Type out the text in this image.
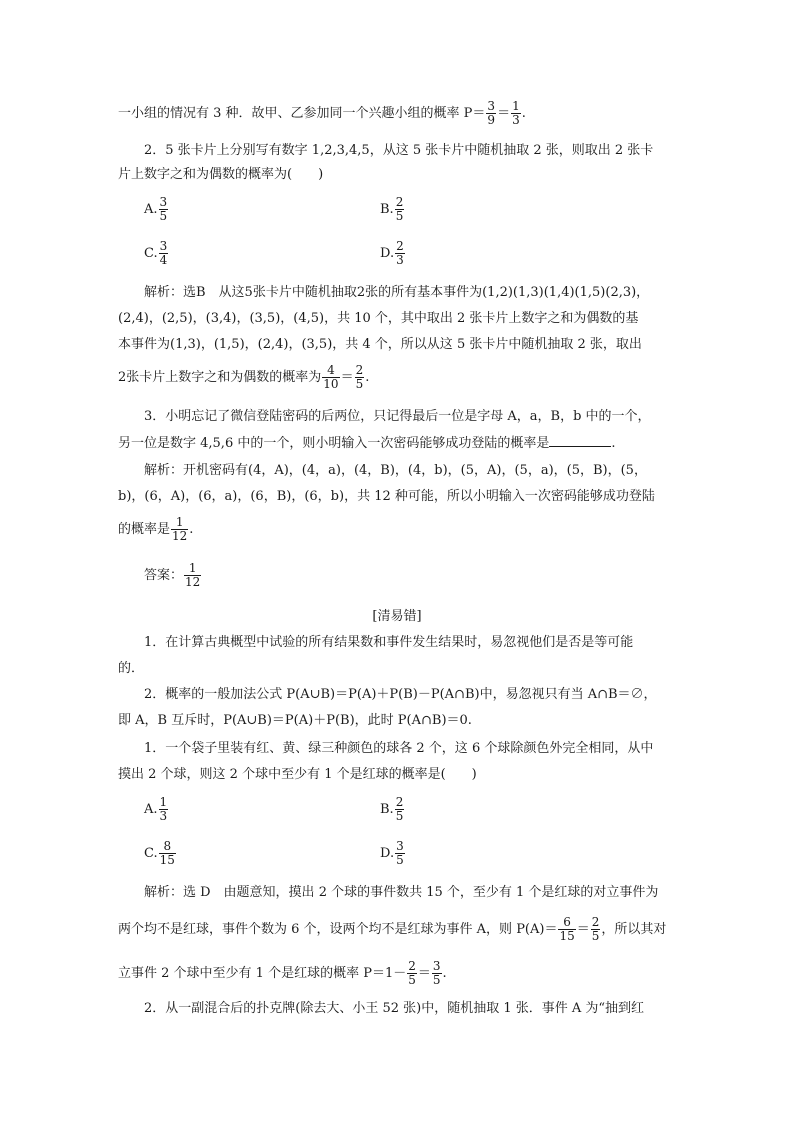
一小组的情况有 3 种．故甲、乙参加同一个兴趣小组的概率 $P= \frac{3}{9} = \frac{1}{3}$ .
2．5 张卡片上分别写有数字 1,2,3,4,5，从这 5 张卡片中随机抽取 2 张，则取出 2 张卡
片上数字之和为偶数的概率为(　　)
A. $\frac{3}{5}$	B. $\frac{2}{5}$
C. $\frac{3}{4}$	D. $\frac{2}{3}$
解析：选B　从这5张卡片中随机抽取2张的所有基本事件为(1,2)(1,3)(1,4)(1,5)(2,3)，
(2,4)，(2,5)，(3,4)，(3,5)，(4,5)，共 10 个，其中取出 2 张卡片上数字之和为偶数的基
本事件为(1,3)，(1,5)，(2,4)，(3,5)，共 4 个，所以从这 5 张卡片中随机抽取 2 张，取出
2张卡片上数字之和为偶数的概率为 $\frac{4}{10} = \frac{2}{5}$ .
3．小明忘记了微信登陆密码的后两位，只记得最后一位是字母 A，a，B，b 中的一个，
另一位是数字 4,5,6 中的一个，则小明输入一次密码能够成功登陆的概率是	.
解析：开机密码有(4，A)，(4，a)，(4，B)，(4，b)，(5，A)，(5，a)，(5，B)，(5，
b)，(6，A)，(6，a)，(6，B)，(6，b)，共 12 种可能，所以小明输入一次密码能够成功登陆
的概率是 $\frac{1}{12}$ .
答案： $\frac{1}{12}$
[清易错]
1．在计算古典概型中试验的所有结果数和事件发生结果时，易忽视他们是否是等可能
的．
2．概率的一般加法公式 P(A∪B)＝P(A)＋P(B)－P(A∩B)中，易忽视只有当 A∩B＝∅，
即 A，B 互斥时，P(A∪B)＝P(A)＋P(B)，此时 P(A∩B)＝0.
1．一个袋子里装有红、黄、绿三种颜色的球各 2 个，这 6 个球除颜色外完全相同，从中
摸出 2 个球，则这 2 个球中至少有 1 个是红球的概率是(　　)
A. $\frac{1}{3}$	B. $\frac{2}{5}$
C. $\frac{8}{15}$	D. $\frac{3}{5}$
解析：选 D　由题意知，摸出 2 个球的事件数共 15 个，至少有 1 个是红球的对立事件为
两个均不是红球，事件个数为 6 个，设两个均不是红球为事件 A，则 $P(A)= \frac{6}{15} = \frac{2}{5}$ ，所以其对
立事件 2 个球中至少有 1 个是红球的概率 $P=1- \frac{2}{5} = \frac{3}{5}$ .
2．从一副混合后的扑克牌(除去大、小王 52 张)中，随机抽取 1 张．事件 A 为“抽到红
